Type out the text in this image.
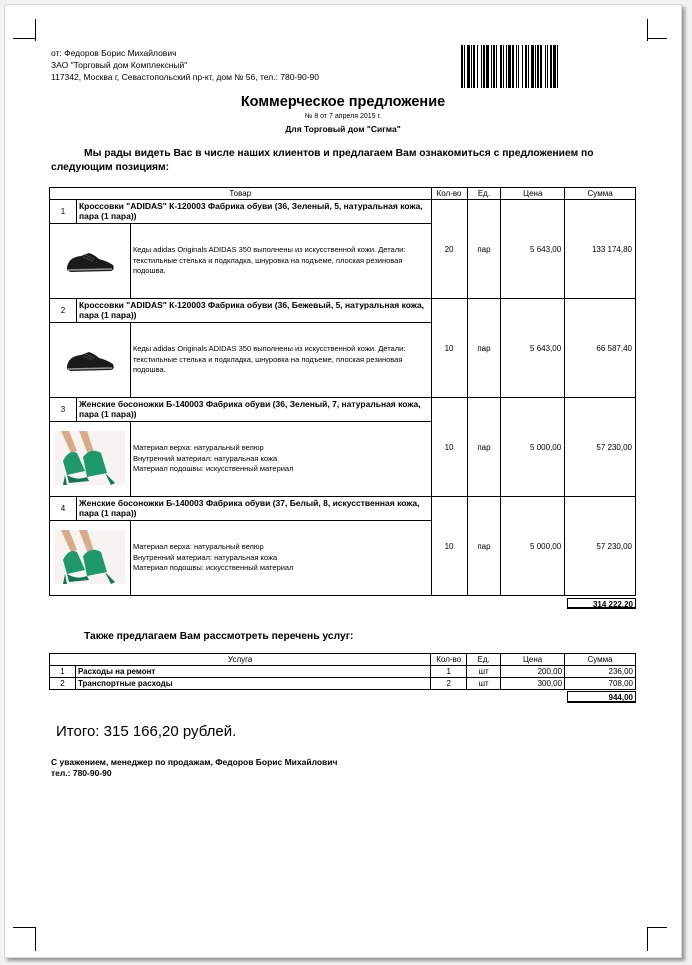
от: Федоров Борис Михайлович
ЗАО "Торговый дом Комплексный"
117342, Москва г, Севастопольский пр-кт, дом № 56, тел.: 780-90-90
Коммерческое предложение
№ 8 от 7 апреля 2015 г.
Для Торговый дом "Сигма"
Мы рады видеть Вас в числе наших клиентов и предлагаем Вам ознакомиться с предложением по следующим позициям:
Товар			Кол-во	Ед.	Цена	Сумма
1	Кроссовки "ADIDAS" К-120003 Фабрика обуви (36, Зеленый, 5, натуральная кожа, пара (1 пара))		20	пар	5 643,00	133 174,80
	Кеды adidas Originals ADIDAS 350 выполнены из искусственной кожи. Детали: текстильные стелька и подкладка, шнуровка на подъеме, плоская резиновая подошва.				
2	Кроссовки "ADIDAS" К-120003 Фабрика обуви (36, Бежевый, 5, натуральная кожа, пара (1 пара))		10	пар	5 643,00	66 587,40
	Кеды adidas Originals ADIDAS 350 выполнены из искусственной кожи. Детали: текстильные стелька и подкладка, шнуровка на подъеме, плоская резиновая подошва.				
3	Женские босоножки Б-140003 Фабрика обуви (36, Зеленый, 7, натуральная кожа, пара (1 пара))		10	пар	5 000,00	57 230,00
	Материал верха: натуральный велюр
Внутренний материал: натуральная кожа
Материал подошвы: искусственный материал				
4	Женские босоножки Б-140003 Фабрика обуви (37, Белый, 8, искусственная кожа, пара (1 пара))		10	пар	5 000,00	57 230,00
	Материал верха: натуральный велюр
Внутренний материал: натуральная кожа
Материал подошвы: искусственный материал				
314 222,20
Также предлагаем Вам рассмотреть перечень услуг:
Услуга		Кол-во	Ед.	Цена	Сумма
1	Расходы на ремонт	1	шт	200,00	236,00
2	Транспортные расходы	2	шт	300,00	708,00
944,00
Итого: 315 166,20 рублей.
С уважением, менеджер по продажам, Федоров Борис Михайлович
тел.: 780-90-90
